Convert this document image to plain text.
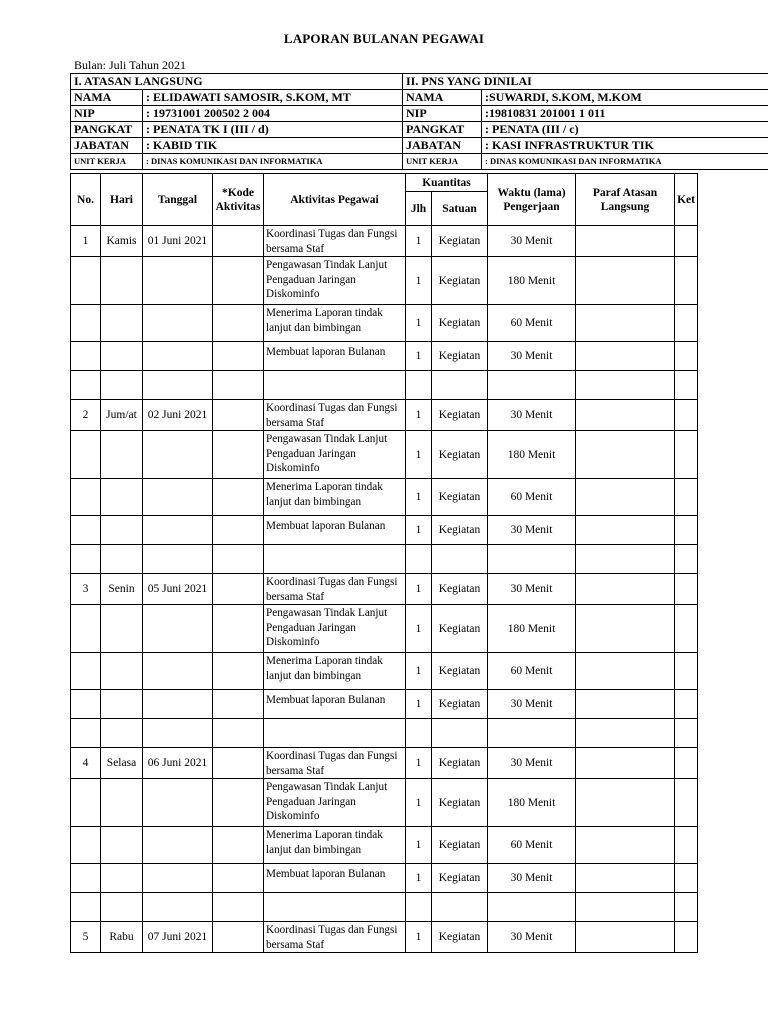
LAPORAN BULANAN PEGAWAI
Bulan: Juli Tahun 2021
I. ATASAN LANGSUNG		II. PNS YANG DINILAI	
NAMA	: ELIDAWATI SAMOSIR, S.KOM, MT	NAMA	:SUWARDI, S.KOM, M.KOM
NIP	: 19731001 200502 2 004	NIP	:19810831 201001 1 011
PANGKAT	: PENATA TK I (III / d)	PANGKAT	: PENATA (III / c)
JABATAN	: KABID TIK	JABATAN	: KASI INFRASTRUKTUR TIK
UNIT KERJA	: DINAS KOMUNIKASI DAN INFORMATIKA	UNIT KERJA	: DINAS KOMUNIKASI DAN INFORMATIKA
No.	Hari	Tanggal	*Kode Aktivitas	Aktivitas Pegawai	Kuantitas		Waktu (lama) Pengerjaan	Paraf Atasan Langsung	Ket
					Jlh	Satuan			
1	Kamis	01 Juni 2021		Koordinasi Tugas dan Fungsi bersama Staf	1	Kegiatan	30 Menit		
				Pengawasan Tindak Lanjut Pengaduan Jaringan Diskominfo	1	Kegiatan	180 Menit		
				Menerima Laporan tindak lanjut dan bimbingan	1	Kegiatan	60 Menit		
				Membuat laporan Bulanan	1	Kegiatan	30 Menit		

2	Jum/at	02 Juni 2021		Koordinasi Tugas dan Fungsi bersama Staf	1	Kegiatan	30 Menit		
				Pengawasan Tindak Lanjut Pengaduan Jaringan Diskominfo	1	Kegiatan	180 Menit		
				Menerima Laporan tindak lanjut dan bimbingan	1	Kegiatan	60 Menit		
				Membuat laporan Bulanan	1	Kegiatan	30 Menit		

3	Senin	05 Juni 2021		Koordinasi Tugas dan Fungsi bersama Staf	1	Kegiatan	30 Menit		
				Pengawasan Tindak Lanjut Pengaduan Jaringan Diskominfo	1	Kegiatan	180 Menit		
				Menerima Laporan tindak lanjut dan bimbingan	1	Kegiatan	60 Menit		
				Membuat laporan Bulanan	1	Kegiatan	30 Menit		

4	Selasa	06 Juni 2021		Koordinasi Tugas dan Fungsi bersama Staf	1	Kegiatan	30 Menit		
				Pengawasan Tindak Lanjut Pengaduan Jaringan Diskominfo	1	Kegiatan	180 Menit		
				Menerima Laporan tindak lanjut dan bimbingan	1	Kegiatan	60 Menit		
				Membuat laporan Bulanan	1	Kegiatan	30 Menit		

5	Rabu	07 Juni 2021		Koordinasi Tugas dan Fungsi bersama Staf	1	Kegiatan	30 Menit		
